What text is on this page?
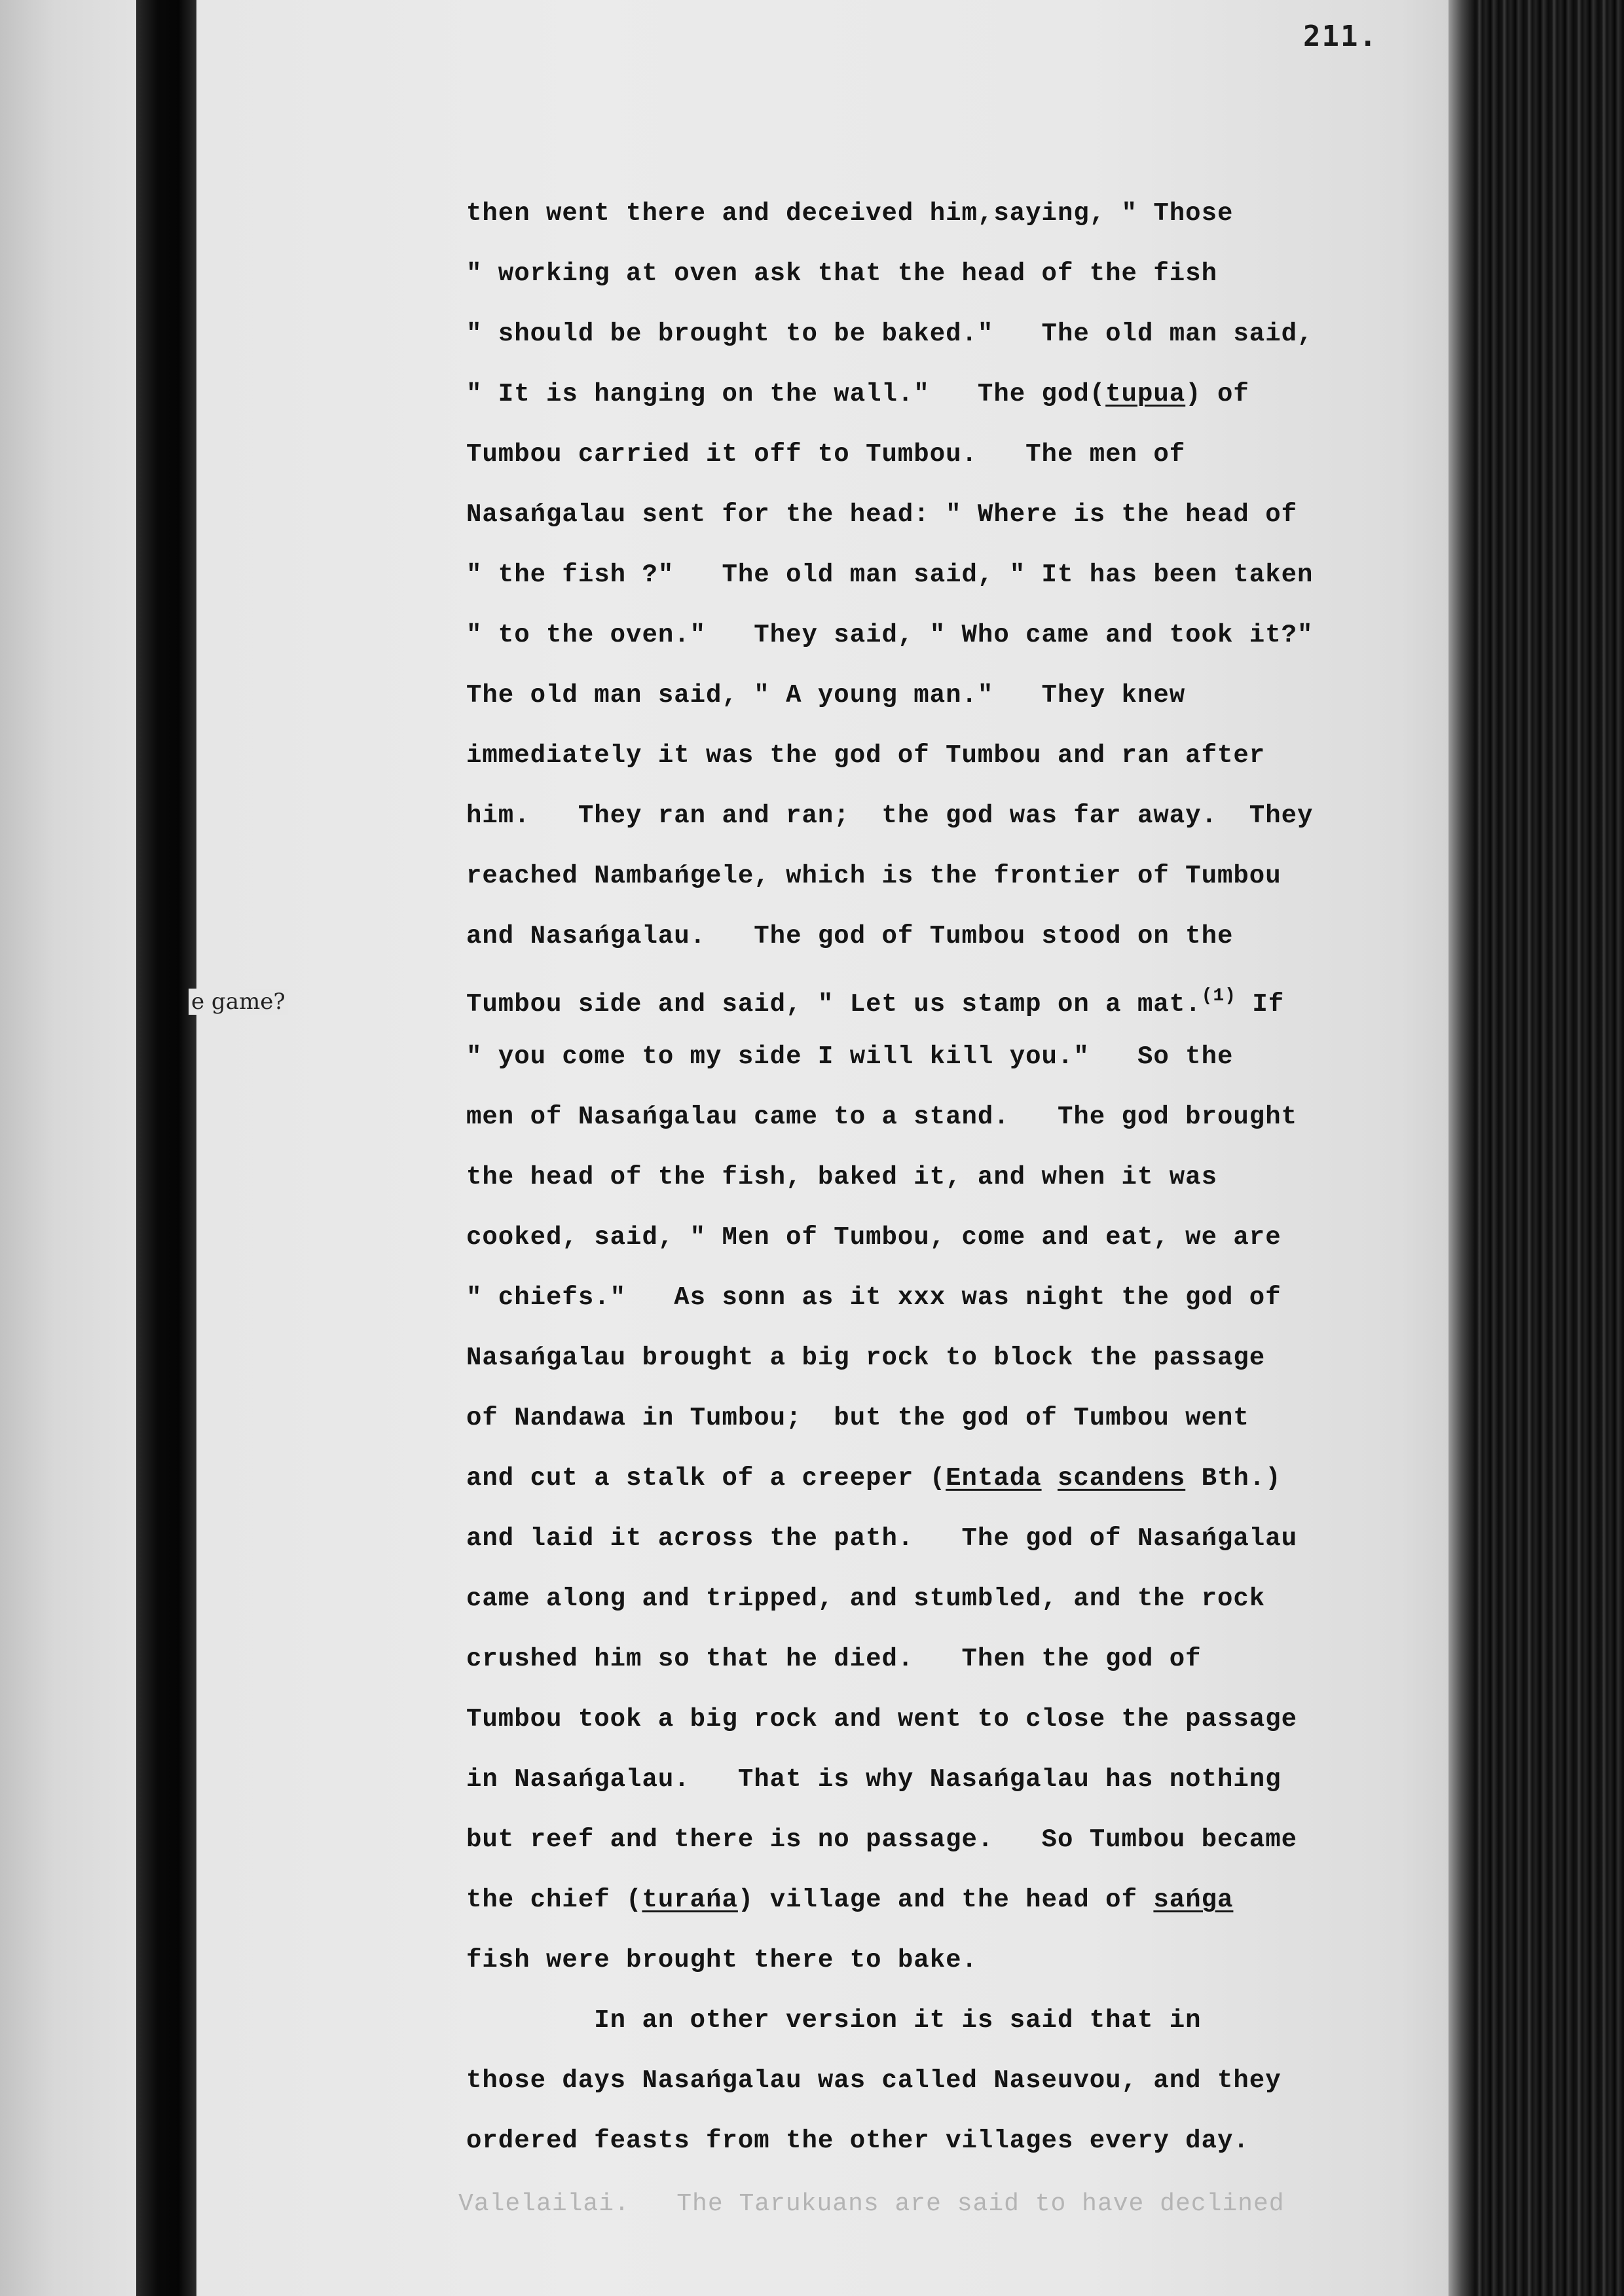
211.
e game?
then went there and deceived him,saying, " Those
" working at oven ask that the head of the fish
" should be brought to be baked."   The old man said,
" It is hanging on the wall."   The god(tupua) of
Tumbou carried it off to Tumbou.   The men of
Nasańgalau sent for the head: " Where is the head of
" the fish ?"   The old man said, " It has been taken
" to the oven."   They said, " Who came and took it?"
The old man said, " A young man."   They knew
immediately it was the god of Tumbou and ran after
him.   They ran and ran;  the god was far away.  They
reached Nambańgele, which is the frontier of Tumbou
and Nasańgalau.   The god of Tumbou stood on the
Tumbou side and said, " Let us stamp on a mat.$^{(1)}$ If
" you come to my side I will kill you."   So the
men of Nasańgalau came to a stand.   The god brought
the head of the fish, baked it, and when it was
cooked, said, " Men of Tumbou, come and eat, we are
" chiefs."   As sonn as it xxx was night the god of
Nasańgalau brought a big rock to block the passage
of Nandawa in Tumbou;  but the god of Tumbou went
and cut a stalk of a creeper (Entada scandens Bth.)
and laid it across the path.   The god of Nasańgalau
came along and tripped, and stumbled, and the rock
crushed him so that he died.   Then the god of
Tumbou took a big rock and went to close the passage
in Nasańgalau.   That is why Nasańgalau has nothing
but reef and there is no passage.   So Tumbou became
the chief (turańa) village and the head of sańga
fish were brought there to bake.
In an other version it is said that in
those days Nasańgalau was called Naseuvou, and they
ordered feasts from the other villages every day.
Valelailai.   The Tarukuans are said to have declined
